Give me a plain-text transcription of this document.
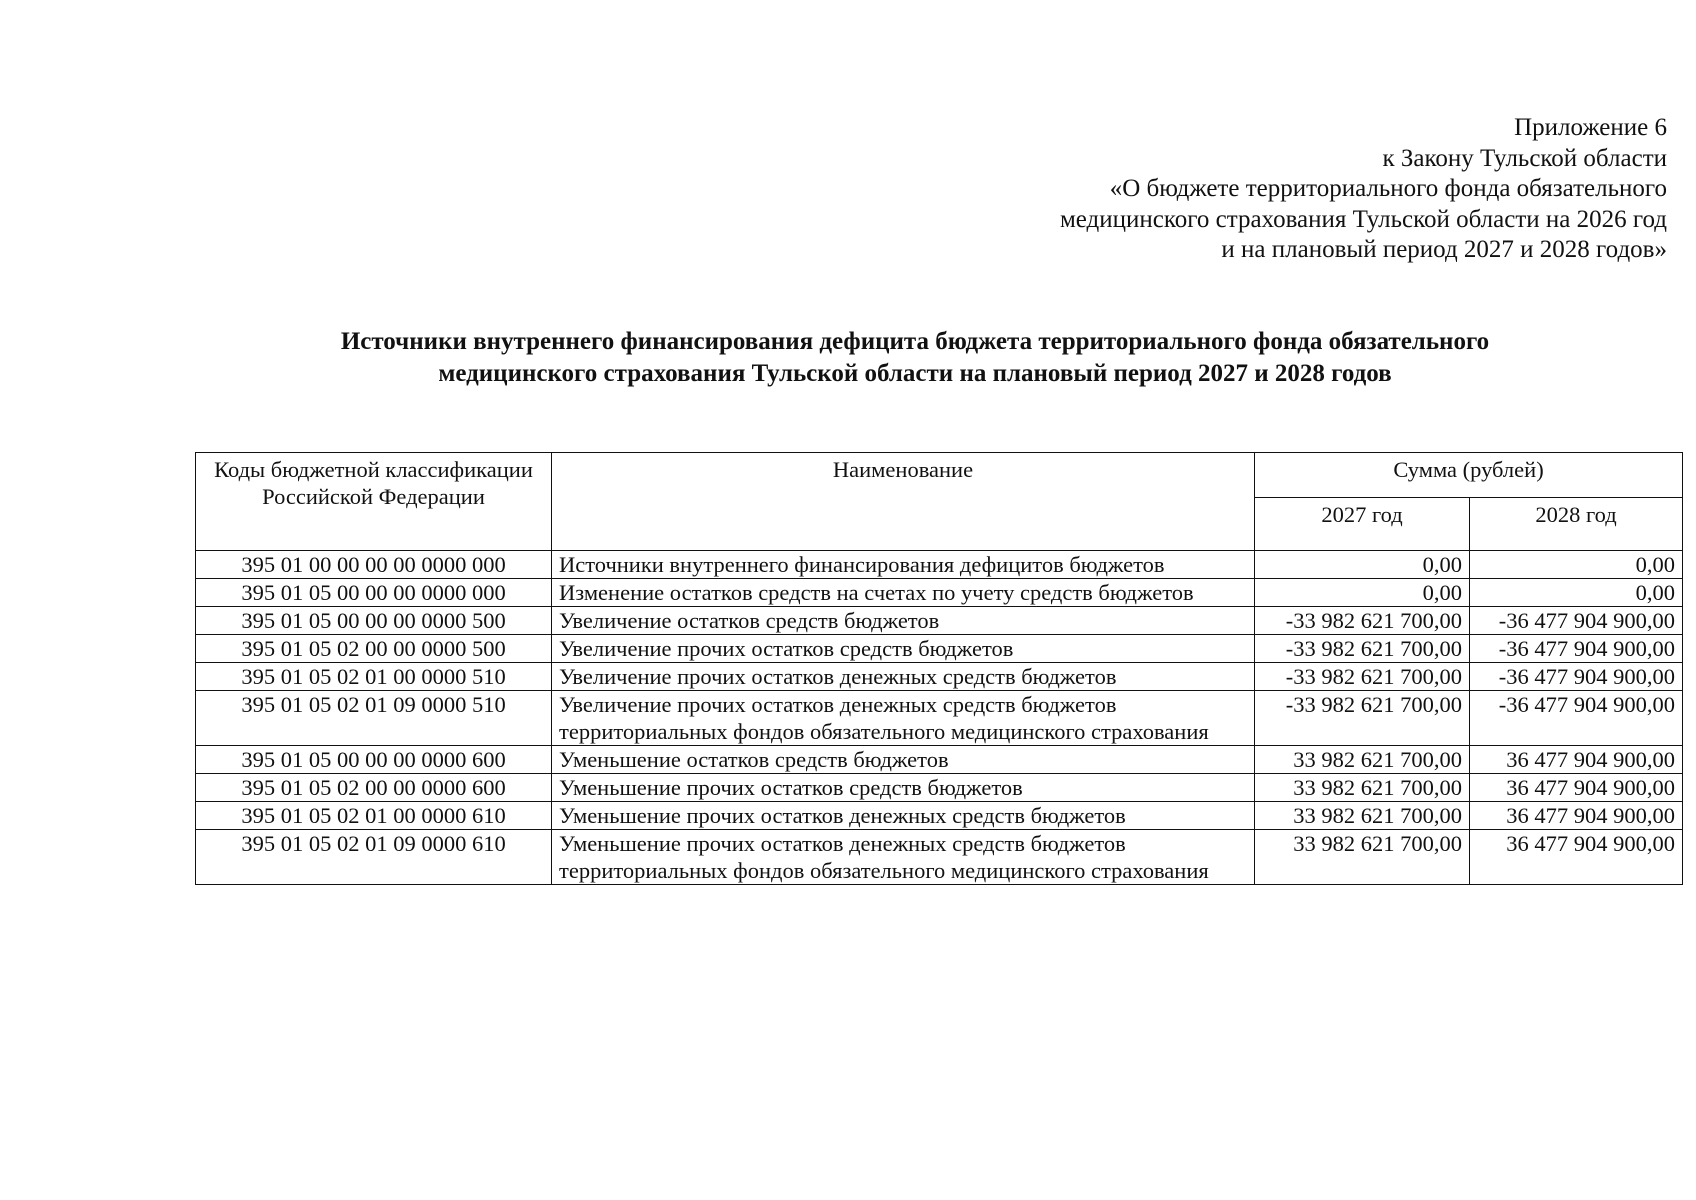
Приложение 6
к Закону Тульской области
«О бюджете территориального фонда обязательного
медицинского страхования Тульской области на 2026 год
и на плановый период 2027 и 2028 годов»
Источники внутреннего финансирования дефицита бюджета территориального фонда обязательного
медицинского страхования Тульской области на плановый период 2027 и 2028 годов
Коды бюджетной классификации Российской Федерации	Наименование	Сумма (рублей)	
		2027 год	2028 год
395 01 00 00 00 00 0000 000	Источники внутреннего финансирования дефицитов бюджетов	0,00	0,00
395 01 05 00 00 00 0000 000	Изменение остатков средств на счетах по учету средств бюджетов	0,00	0,00
395 01 05 00 00 00 0000 500	Увеличение остатков средств бюджетов	-33 982 621 700,00	-36 477 904 900,00
395 01 05 02 00 00 0000 500	Увеличение прочих остатков средств бюджетов	-33 982 621 700,00	-36 477 904 900,00
395 01 05 02 01 00 0000 510	Увеличение прочих остатков денежных средств бюджетов	-33 982 621 700,00	-36 477 904 900,00
395 01 05 02 01 09 0000 510	Увеличение прочих остатков денежных средств бюджетов территориальных фондов обязательного медицинского страхования	-33 982 621 700,00	-36 477 904 900,00
395 01 05 00 00 00 0000 600	Уменьшение остатков средств бюджетов	33 982 621 700,00	36 477 904 900,00
395 01 05 02 00 00 0000 600	Уменьшение прочих остатков средств бюджетов	33 982 621 700,00	36 477 904 900,00
395 01 05 02 01 00 0000 610	Уменьшение прочих остатков денежных средств бюджетов	33 982 621 700,00	36 477 904 900,00
395 01 05 02 01 09 0000 610	Уменьшение прочих остатков денежных средств бюджетов территориальных фондов обязательного медицинского страхования	33 982 621 700,00	36 477 904 900,00
